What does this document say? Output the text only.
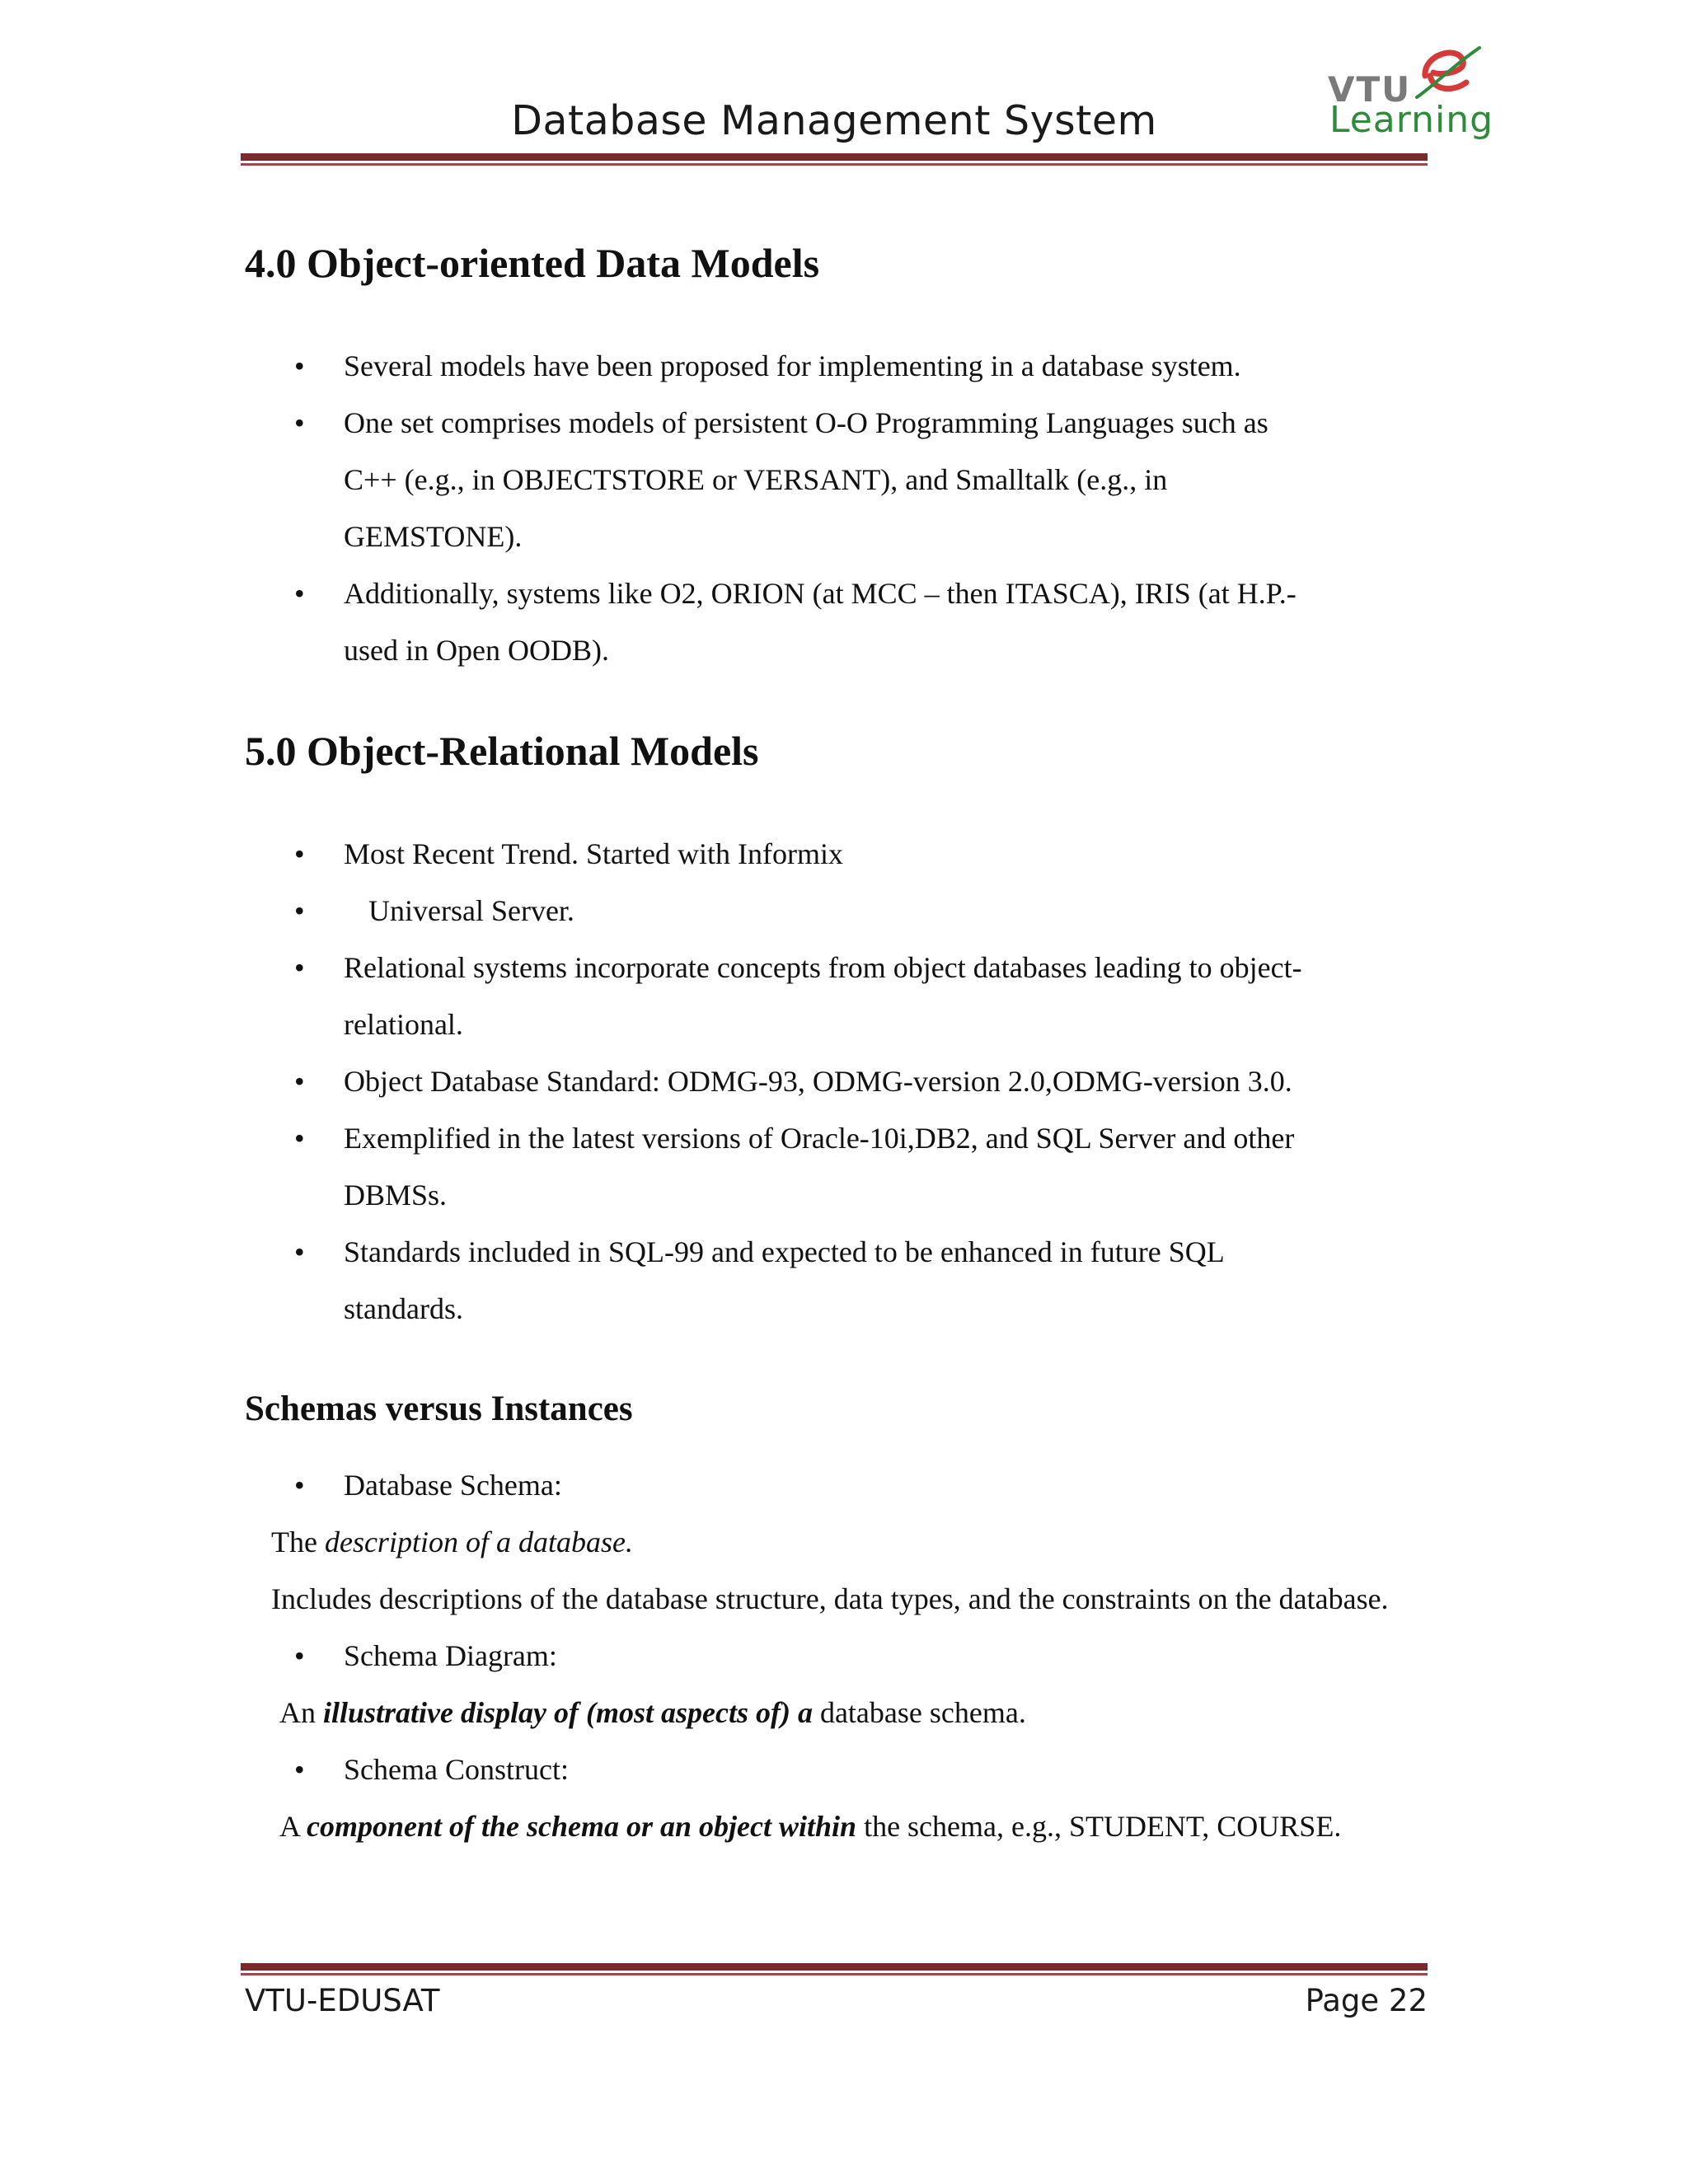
Database Management System
VTU
Learning
4.0 Object-oriented Data Models
• Several models have been proposed for implementing in a database system.
• One set comprises models of persistent O-O Programming Languages such as
C++ (e.g., in OBJECTSTORE or VERSANT), and Smalltalk (e.g., in
GEMSTONE).
• Additionally, systems like O2, ORION (at MCC – then ITASCA), IRIS (at H.P.-
used in Open OODB).
5.0 Object-Relational Models
• Most Recent Trend. Started with Informix
• Universal Server.
• Relational systems incorporate concepts from object databases leading to object-
relational.
• Object Database Standard: ODMG-93, ODMG-version 2.0,ODMG-version 3.0.
• Exemplified in the latest versions of Oracle-10i,DB2, and SQL Server and other
DBMSs.
• Standards included in SQL-99 and expected to be enhanced in future SQL
standards.
Schemas versus Instances
• Database Schema:

The description of a database.

Includes descriptions of the database structure, data types, and the constraints on the database.

• Schema Diagram:

An illustrative display of (most aspects of) a database schema.

• Schema Construct:

A component of the schema or an object within the schema, e.g., STUDENT, COURSE.

VTU-EDUSAT	Page 22
